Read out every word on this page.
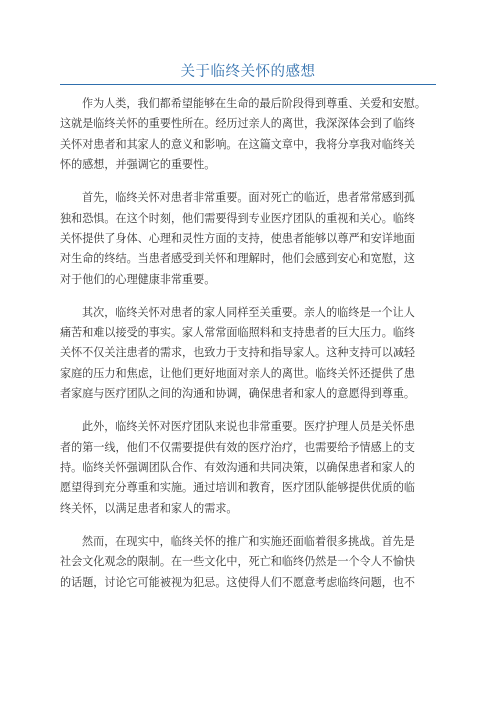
关于临终关怀的感想

作为人类，我们都希望能够在生命的最后阶段得到尊重、关爱和安慰。
这就是临终关怀的重要性所在。经历过亲人的离世，我深深体会到了临终
关怀对患者和其家人的意义和影响。在这篇文章中，我将分享我对临终关
怀的感想，并强调它的重要性。

首先，临终关怀对患者非常重要。面对死亡的临近，患者常常感到孤
独和恐惧。在这个时刻，他们需要得到专业医疗团队的重视和关心。临终
关怀提供了身体、心理和灵性方面的支持，使患者能够以尊严和安详地面
对生命的终结。当患者感受到关怀和理解时，他们会感到安心和宽慰，这
对于他们的心理健康非常重要。

其次，临终关怀对患者的家人同样至关重要。亲人的临终是一个让人
痛苦和难以接受的事实。家人常常面临照料和支持患者的巨大压力。临终
关怀不仅关注患者的需求，也致力于支持和指导家人。这种支持可以减轻
家庭的压力和焦虑，让他们更好地面对亲人的离世。临终关怀还提供了患
者家庭与医疗团队之间的沟通和协调，确保患者和家人的意愿得到尊重。

此外，临终关怀对医疗团队来说也非常重要。医疗护理人员是关怀患
者的第一线，他们不仅需要提供有效的医疗治疗，也需要给予情感上的支
持。临终关怀强调团队合作、有效沟通和共同决策，以确保患者和家人的
愿望得到充分尊重和实施。通过培训和教育，医疗团队能够提供优质的临
终关怀，以满足患者和家人的需求。

然而，在现实中，临终关怀的推广和实施还面临着很多挑战。首先是
社会文化观念的限制。在一些文化中，死亡和临终仍然是一个令人不愉快
的话题，讨论它可能被视为犯忌。这使得人们不愿意考虑临终问题，也不
